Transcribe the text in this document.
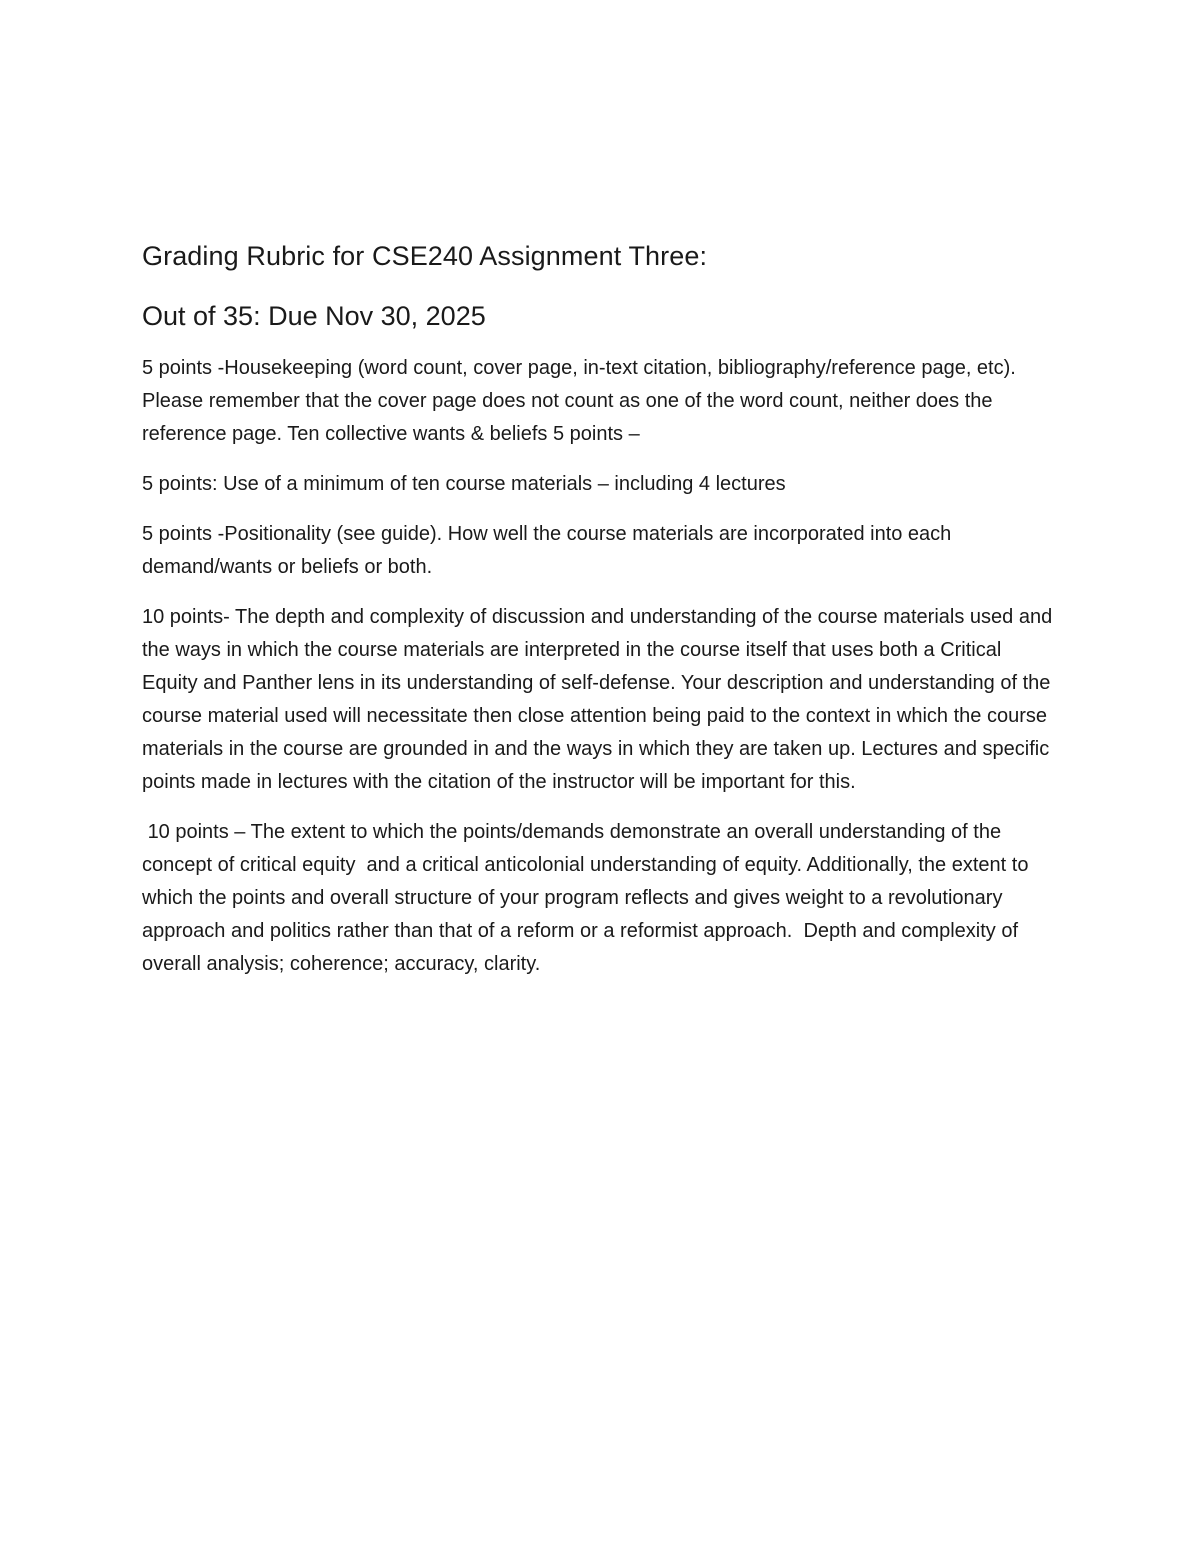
Grading Rubric for CSE240 Assignment Three:
Out of 35: Due Nov 30, 2025

5 points -Housekeeping (word count, cover page, in-text citation, bibliography/reference page, etc). Please remember that the cover page does not count as one of the word count, neither does the reference page. Ten collective wants & beliefs 5 points –

5 points: Use of a minimum of ten course materials – including 4 lectures

5 points -Positionality (see guide). How well the course materials are incorporated into each demand/wants or beliefs or both.

10 points- The depth and complexity of discussion and understanding of the course materials used and the ways in which the course materials are interpreted in the course itself that uses both a Critical Equity and Panther lens in its understanding of self-defense. Your description and understanding of the course material used will necessitate then close attention being paid to the context in which the course materials in the course are grounded in and the ways in which they are taken up. Lectures and specific points made in lectures with the citation of the instructor will be important for this.

10 points – The extent to which the points/demands demonstrate an overall understanding of the concept of critical equity  and a critical anticolonial understanding of equity. Additionally, the extent to which the points and overall structure of your program reflects and gives weight to a revolutionary approach and politics rather than that of a reform or a reformist approach.  Depth and complexity of overall analysis; coherence; accuracy, clarity.
